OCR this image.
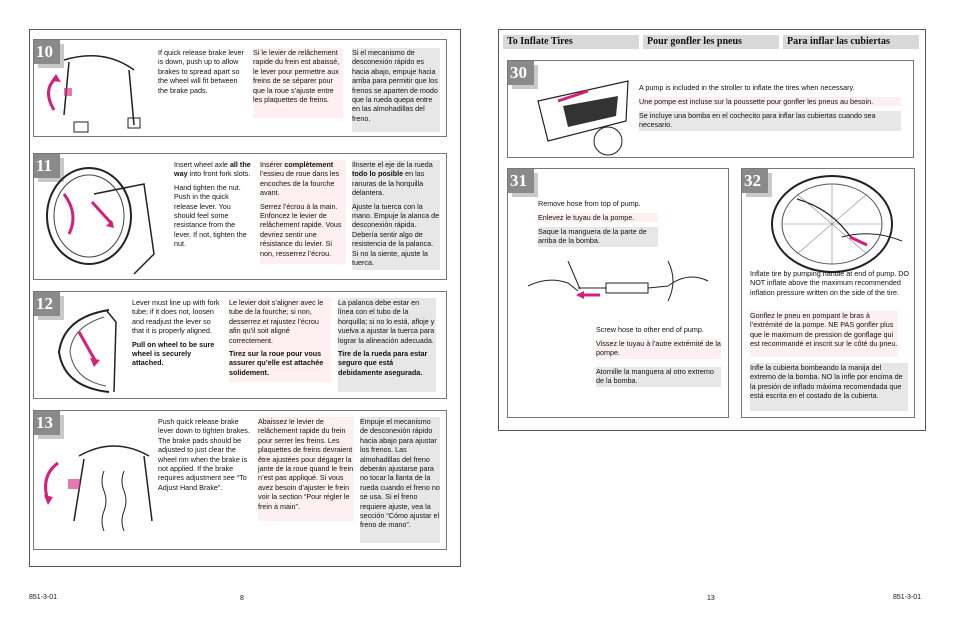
10	If quick release brake lever is down, push up to allow brakes to spread apart so the wheel will fit between the brake pads.
Si le levier de relâchement rapide du frein est abaissé, le lever pour permettre aux freins de se séparer pour que la roue s’ajuste entre les plaquettes de freins.
Si el mecanismo de desconexión rápido es hacia abajo, empuje hacia arriba para permitir que los frenos se aparten de modo que la rueda quepa entre en las almohadillas del freno.
11	Insert wheel axle all the way into front fork slots.

Hand tighten the nut. Push in the quick release lever. You should feel some resistance from the lever. If not, tighten the nut.

Insérer complètement l’essieu de roue dans les encoches de la fourche avant.

Serrez l’écrou à la main. Enfoncez le levier de relâchement rapide. Vous devriez sentir une résistance du levier. Si non, resserrez l’écrou.

Ilnserte el eje de la rueda todo lo posible en las ranuras de la horquilla delantera.

Ajuste la tuerca con la mano. Empuje la alanca de desconexión rápida. Debería sentir algo de resistencia de la palanca. Si no la siente, ajuste la tuerca.

12	Lever must line up with fork tube; if it does not, loosen and readjust the lever so that it is properly aligned.

Pull on wheel to be sure wheel is securely attached.

Le levier doit s’aligner avec le tube de la fourche; si non, desserrez et rajustez l’écrou afin qu’il soit aligné correctement.

Tirez sur la roue pour vous assurer qu’elle est attachée solidement.

La palanca debe estar en línea con el tubo de la horquilla; si no lo está, afloje y vuelva a ajustar la tuerca para lograr la alineación adecuada.

Tire de la rueda para estar seguro que está debidamente asegurada.

13	Push quick release brake lever down to tighten brakes. The brake pads should be adjusted to just clear the wheel rim when the brake is not applied. If the brake requires adjustment see “To Adjust Hand Brake”.
Abaissez le levier de relâchement rapide du frein pour serrer les freins. Les plaquettes de freins devraient être ajustées pour dégager la jante de la roue quand le frein n’est pas appliqué. Si vous avez besoin d’ajuster le frein voir la section “Pour régler le frein à main”.
Empuje el mecanismo de desconexión rápido hacia abajo para ajustar los frenos. Las almohadillas del freno deberán ajustarse para no tocar la llanta de la rueda cuando el freno no se usa. Si el freno requiere ajuste, vea la sección “Cómo ajustar el freno de mano”.
851-3-01	8
To Inflate Tires	Pour gonfler les pneus	Para inflar las cubiertas
30
A pump is included in the stroller to inflate the tires when necessary.
Une pompe est incluse sur la poussette pour gonfler les pneus au besoin.
Se incluye una bomba en el cochecito para inflar las cubiertas cuando sea necesario.
31
Remove hose from top of pump.
Enlevez le tuyau de la pompe.
Saque la manguera de la parte de arriba de la bomba.
Screw hose to other end of pump.
Vissez le tuyau à l’autre extrémité de la pompe.
Atornille la manguera al otro extremo de la bomba.
32
Inflate tire by pumping handle at end of pump. DO NOT inflate above the maximum recommended inflation pressure written on the side of the tire.
Gonflez le pneu en pompant le bras à l’extrémité de la pompe. NE PAS gonfler plus que le maximum de pression de gonflage qui est recommandé et inscrit sur le côté du pneu.
Infle la cubierta bombeando la manija del extremo de la bomba. NO la infle por encima de la presión de inflado máxima recomendada que está escrita en el costado de la cubierta.
13	851-3-01
